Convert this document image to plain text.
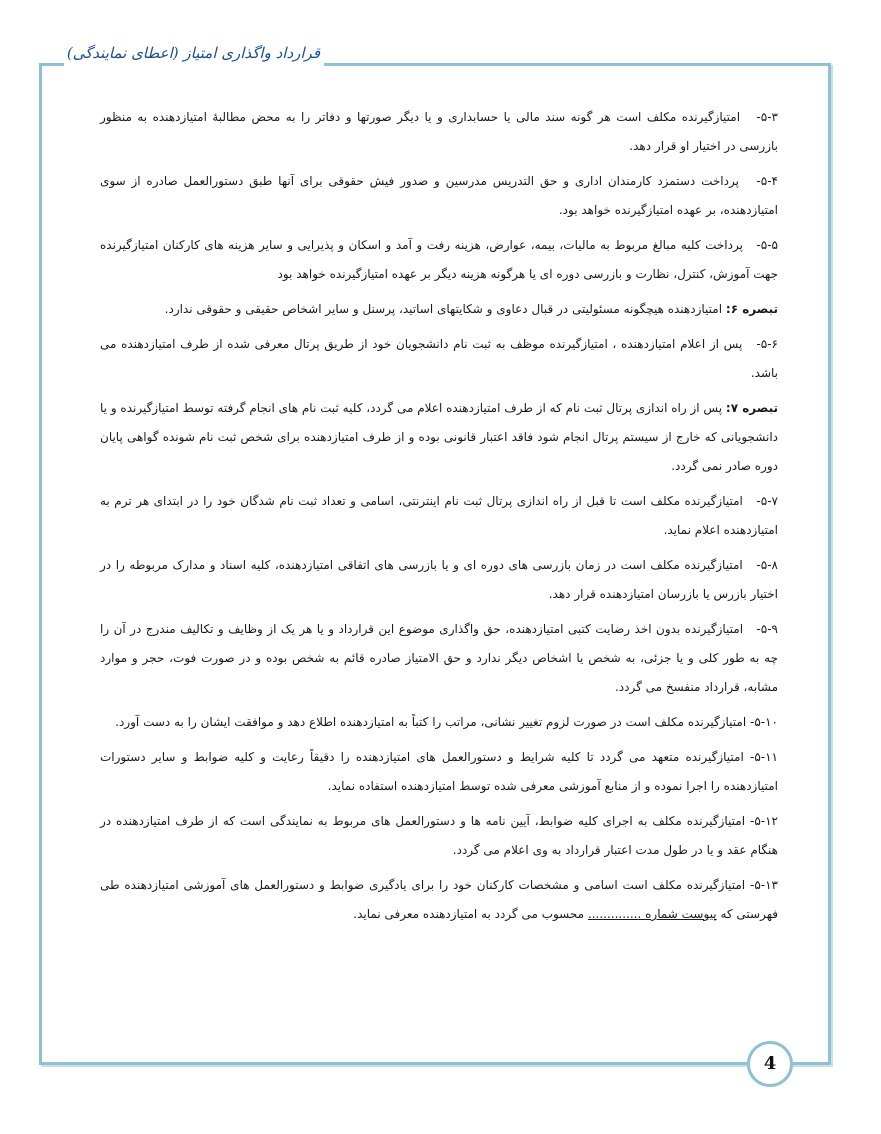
قرارداد واگذاری امتیاز (اعطای نمایندگی)

۵-۳-   امتیازگیرنده مکلف است هر گونه سند مالی یا حسابداری و یا دیگر صورتها و دفاتر را به محض مطالبهٔ امتیازدهنده به منظور بازرسی در اختیار او قرار دهد.

۵-۴-   پرداخت دستمزد کارمندان اداری و حق التدریس مدرسین و صدور فیش حقوقی برای آنها طبق دستورالعمل صادره از سوی امتیازدهنده، بر عهده امتیازگیرنده خواهد بود.

۵-۵-   پرداخت کلیه مبالغ مربوط به مالیات، بیمه، عوارض، هزینه رفت و آمد و اسکان و پذیرایی و سایر هزینه های کارکنان امتیازگیرنده جهت آموزش، کنترل، نظارت و بازرسی دوره ای یا هرگونه هزینه دیگر بر عهده امتیازگیرنده خواهد بود

تبصره ۶: امتیازدهنده هیچگونه مسئولیتی در قبال دعاوی و شکایتهای اساتید، پرسنل و سایر اشخاص حقیقی و حقوقی ندارد.

۵-۶-   پس از اعلام امتیازدهنده ، امتیازگیرنده موظف به ثبت نام دانشجویان خود از طریق پرتال معرفی شده از طرف امتیازدهنده می باشد.

تبصره ۷: پس از راه اندازی پرتال ثبت نام که از طرف امتیازدهنده اعلام می گردد، کلیه ثبت نام های انجام گرفته توسط امتیازگیرنده و یا دانشجویانی که خارج از سیستم پرتال انجام شود فاقد اعتبار قانونی بوده و از طرف امتیازدهنده برای شخص ثبت نام شونده گواهی پایان دوره صادر نمی گردد.

۵-۷-   امتیازگیرنده مکلف است تا قبل از راه اندازی پرتال ثبت نام اینترنتی، اسامی و تعداد ثبت نام شدگان خود را در ابتدای هر ترم به امتیازدهنده اعلام نماید.

۵-۸-   امتیازگیرنده مکلف است در زمان بازرسی های دوره ای و یا بازرسی های اتفاقی امتیازدهنده، کلیه اسناد و مدارک مربوطه را در اختیار بازرس یا بازرسان امتیازدهنده قرار دهد.

۵-۹-   امتیازگیرنده بدون اخذ رضایت کتبی امتیازدهنده، حق واگذاری موضوع این قرارداد و یا هر یک از وظایف و تکالیف مندرج در آن را چه به طور کلی و یا جزئی، به شخص یا اشخاص دیگر ندارد و حق الامتیاز صادره قائم به شخص بوده و در صورت فوت، حجر و موارد مشابه، قرارداد منفسخ می گردد.

۵-۱۰- امتیازگیرنده مکلف است در صورت لزوم تغییر نشانی، مراتب را کتباً به امتیازدهنده اطلاع دهد و موافقت ایشان را به دست آورد.

۵-۱۱- امتیازگیرنده متعهد می گردد تا کلیه شرایط و دستورالعمل های امتیازدهنده را دقیقاً رعایت و کلیه ضوابط و سایر دستورات امتیازدهنده را اجرا نموده و از منابع آموزشی معرفی شده توسط امتیازدهنده استفاده نماید.

۵-۱۲- امتیازگیرنده مکلف به اجرای کلیه ضوابط، آیین نامه ها و دستورالعمل های مربوط به نمایندگی است که از طرف امتیازدهنده در هنگام عقد و یا در طول مدت اعتبار قرارداد به وی اعلام می گردد.

۵-۱۳- امتیازگیرنده مکلف است اسامی و مشخصات کارکنان خود را برای یادگیری ضوابط و دستورالعمل های آموزشی امتیازدهنده طی فهرستی که پیوست شماره .............. محسوب می گردد به امتیازدهنده معرفی نماید.

4
